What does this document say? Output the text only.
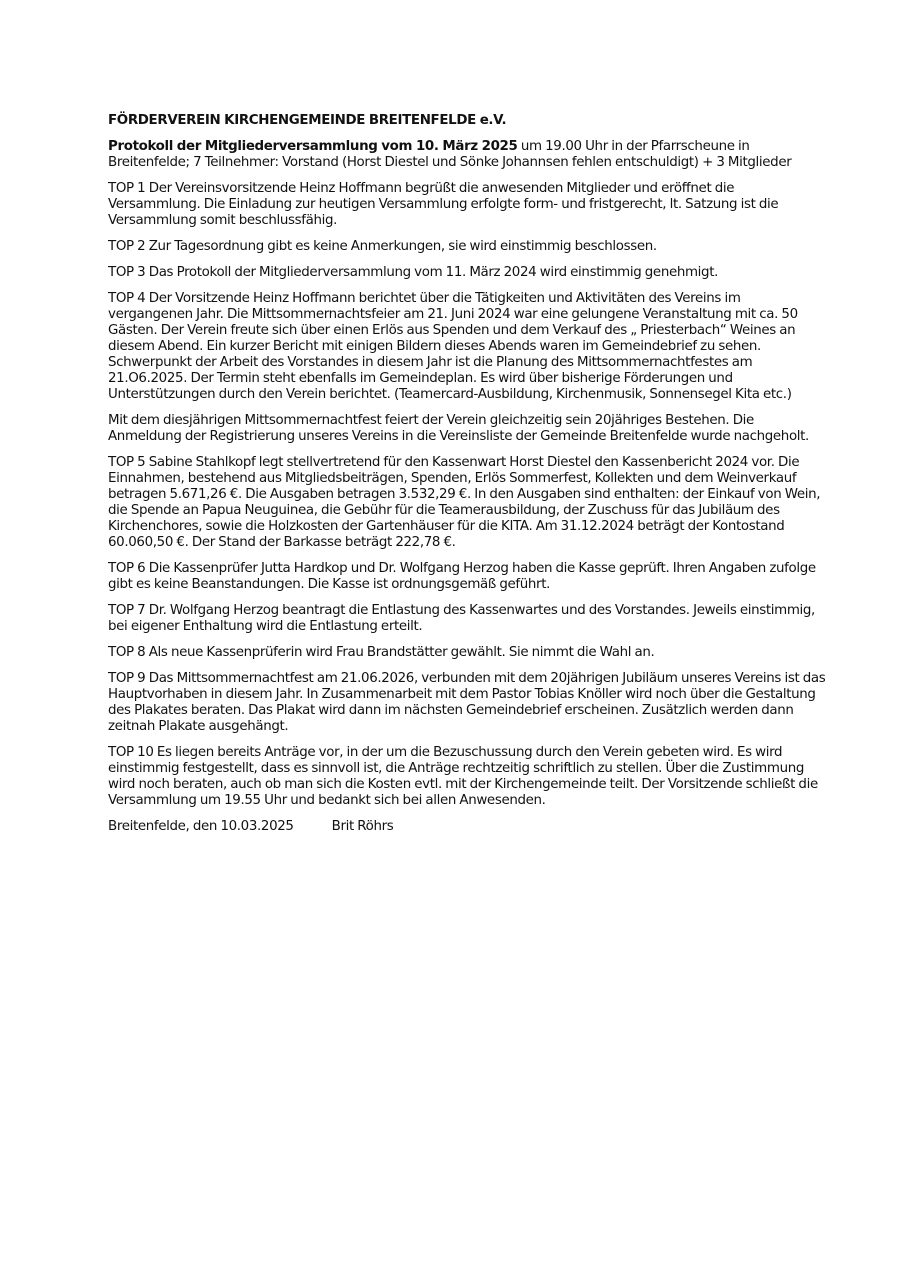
FÖRDERVEREIN KIRCHENGEMEINDE BREITENFELDE e.V.

Protokoll der Mitgliederversammlung vom 10. März 2025 um 19.00 Uhr in der Pfarrscheune in Breitenfelde; 7 Teilnehmer: Vorstand (Horst Diestel und Sönke Johannsen fehlen entschuldigt) + 3 Mitglieder

TOP 1 Der Vereinsvorsitzende Heinz Hoffmann begrüßt die anwesenden Mitglieder und eröffnet die Versammlung. Die Einladung zur heutigen Versammlung erfolgte form- und fristgerecht, lt. Satzung ist die Versammlung somit beschlussfähig.

TOP 2 Zur Tagesordnung gibt es keine Anmerkungen, sie wird einstimmig beschlossen.

TOP 3 Das Protokoll der Mitgliederversammlung vom 11. März 2024 wird einstimmig genehmigt.

TOP 4 Der Vorsitzende Heinz Hoffmann berichtet über die Tätigkeiten und Aktivitäten des Vereins im vergangenen Jahr. Die Mittsommernachtsfeier am 21. Juni 2024 war eine gelungene Veranstaltung mit ca. 50 Gästen. Der Verein freute sich über einen Erlös aus Spenden und dem Verkauf des „ Priesterbach“ Weines an diesem Abend. Ein kurzer Bericht mit einigen Bildern dieses Abends waren im Gemeindebrief zu sehen. Schwerpunkt der Arbeit des Vorstandes in diesem Jahr ist die Planung des Mittsommernachtfestes am 21.O6.2025. Der Termin steht ebenfalls im Gemeindeplan. Es wird über bisherige Förderungen und Unterstützungen durch den Verein berichtet. (Teamercard-Ausbildung, Kirchenmusik, Sonnensegel Kita etc.)

Mit dem diesjährigen Mittsommernachtfest feiert der Verein gleichzeitig sein 20jähriges Bestehen. Die Anmeldung der Registrierung unseres Vereins in die Vereinsliste der Gemeinde Breitenfelde wurde nachgeholt.

TOP 5 Sabine Stahlkopf legt stellvertretend für den Kassenwart Horst Diestel den Kassenbericht 2024 vor. Die Einnahmen, bestehend aus Mitgliedsbeiträgen, Spenden, Erlös Sommerfest, Kollekten und dem Weinverkauf betragen 5.671,26 €. Die Ausgaben betragen 3.532,29 €. In den Ausgaben sind enthalten: der Einkauf von Wein, die Spende an Papua Neuguinea, die Gebühr für die Teamerausbildung, der Zuschuss für das Jubiläum des Kirchenchores, sowie die Holzkosten der Gartenhäuser für die KITA. Am 31.12.2024 beträgt der Kontostand 60.060,50 €. Der Stand der Barkasse beträgt 222,78 €.

TOP 6 Die Kassenprüfer Jutta Hardkop und Dr. Wolfgang Herzog haben die Kasse geprüft. Ihren Angaben zufolge gibt es keine Beanstandungen. Die Kasse ist ordnungsgemäß geführt.

TOP 7 Dr. Wolfgang Herzog beantragt die Entlastung des Kassenwartes und des Vorstandes. Jeweils einstimmig, bei eigener Enthaltung wird die Entlastung erteilt.

TOP 8 Als neue Kassenprüferin wird Frau Brandstätter gewählt. Sie nimmt die Wahl an.

TOP 9 Das Mittsommernachtfest am 21.06.2026, verbunden mit dem 20jährigen Jubiläum unseres Vereins ist das Hauptvorhaben in diesem Jahr. In Zusammenarbeit mit dem Pastor Tobias Knöller wird noch über die Gestaltung des Plakates beraten. Das Plakat wird dann im nächsten Gemeindebrief erscheinen. Zusätzlich werden dann zeitnah Plakate ausgehängt.

TOP 10 Es liegen bereits Anträge vor, in der um die Bezuschussung durch den Verein gebeten wird. Es wird einstimmig festgestellt, dass es sinnvoll ist, die Anträge rechtzeitig schriftlich zu stellen. Über die Zustimmung wird noch beraten, auch ob man sich die Kosten evtl. mit der Kirchengemeinde teilt. Der Vorsitzende schließt die Versammlung um 19.55 Uhr und bedankt sich bei allen Anwesenden.

Breitenfelde, den 10.03.2025	Brit Röhrs
